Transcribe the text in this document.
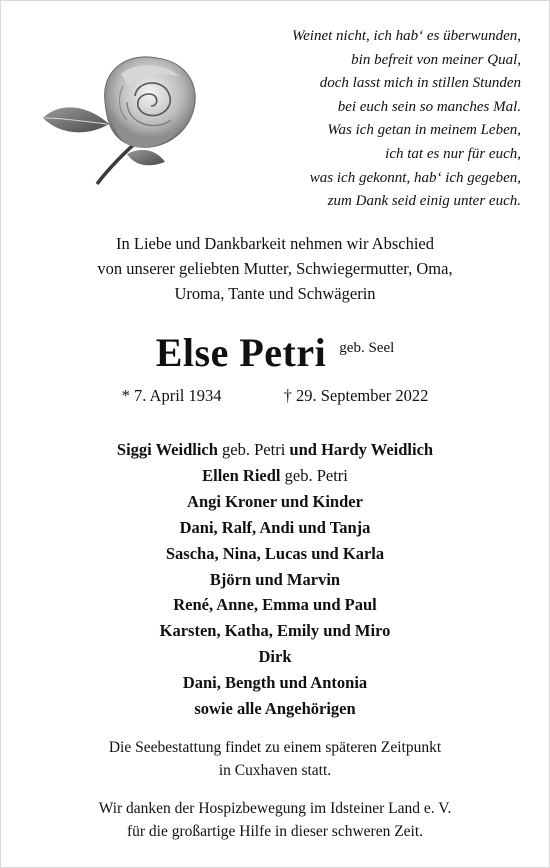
Weinet nicht, ich hab‘ es überwunden,
bin befreit von meiner Qual,
doch lasst mich in stillen Stunden
bei euch sein so manches Mal.
Was ich getan in meinem Leben,
ich tat es nur für euch,
was ich gekonnt, hab‘ ich gegeben,
zum Dank seid einig unter euch.
In Liebe und Dankbarkeit nehmen wir Abschied
von unserer geliebten Mutter, Schwiegermutter, Oma,
Uroma, Tante und Schwägerin
Else Petri geb. Seel
* 7. April 1934	† 29. September 2022
Siggi Weidlich geb. Petri und Hardy Weidlich
Ellen Riedl geb. Petri
Angi Kroner und Kinder
Dani, Ralf, Andi und Tanja
Sascha, Nina, Lucas und Karla
Björn und Marvin
René, Anne, Emma und Paul
Karsten, Katha, Emily und Miro
Dirk
Dani, Bength und Antonia
sowie alle Angehörigen
Die Seebestattung findet zu einem späteren Zeitpunkt
in Cuxhaven statt.
Wir danken der Hospizbewegung im Idsteiner Land e. V.
für die großartige Hilfe in dieser schweren Zeit.
